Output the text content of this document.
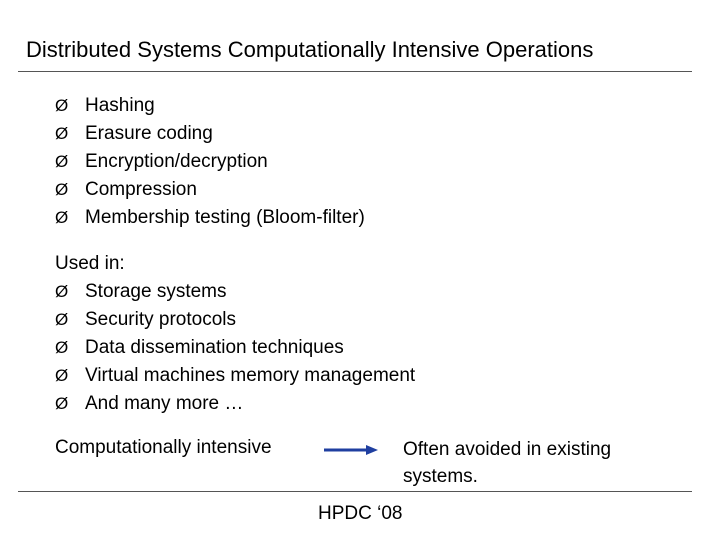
Distributed Systems Computationally Intensive Operations
Ø Hashing
Ø Erasure coding
Ø Encryption/decryption
Ø Compression
Ø Membership testing (Bloom-filter)
Used in:
Ø Storage systems
Ø Security protocols
Ø Data dissemination techniques
Ø Virtual machines memory management
Ø And many more …
Computationally intensive	Often avoided in existing systems.
HPDC ‘08
